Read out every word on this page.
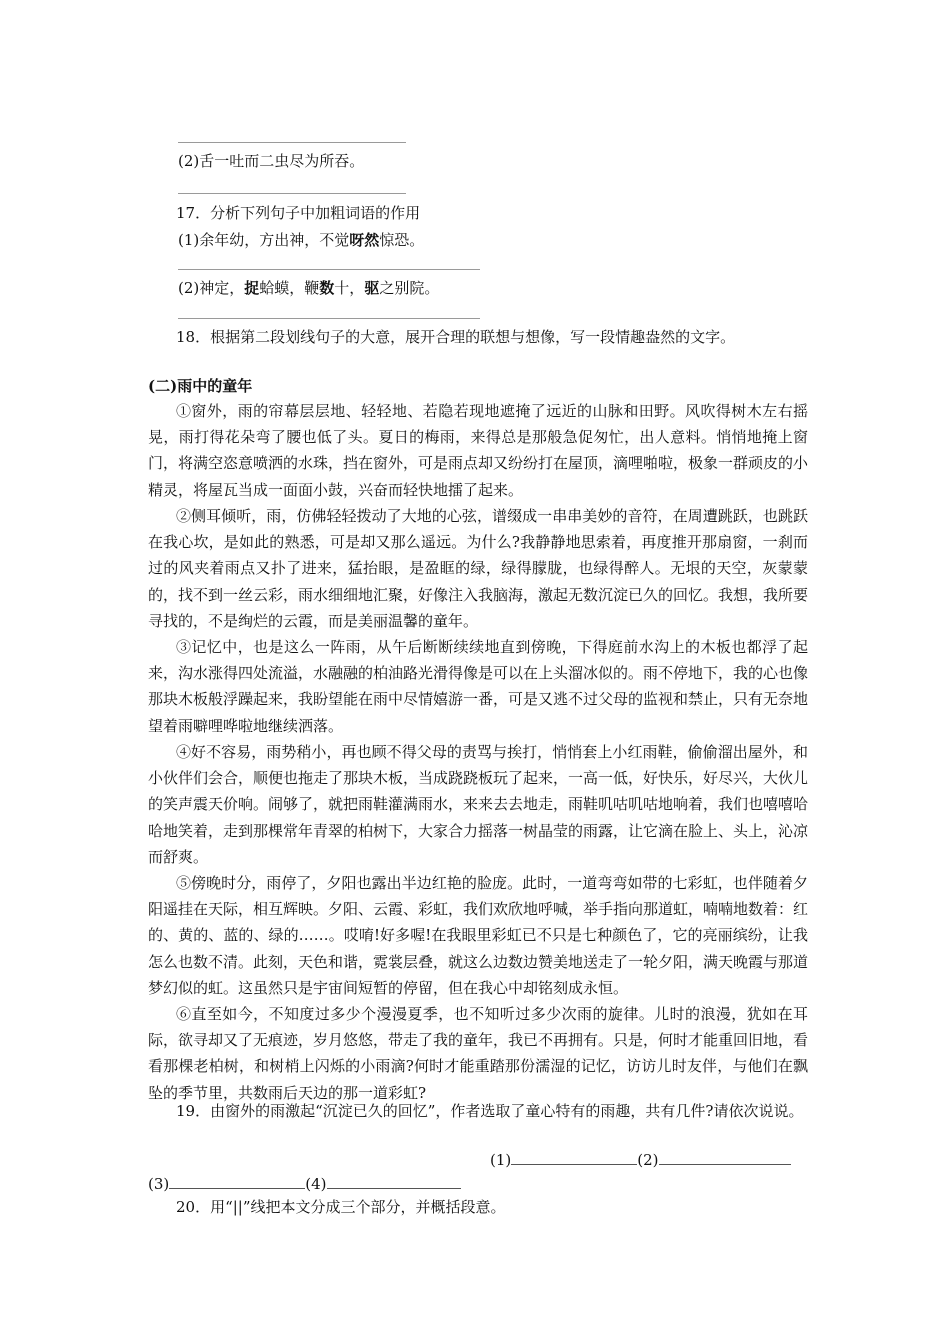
(2)舌一吐而二虫尽为所吞。
17．分析下列句子中加粗词语的作用
(1)余年幼，方出神，不觉呀然惊恐。
(2)神定，捉蛤蟆，鞭数十，驱之别院。
18．根据第二段划线句子的大意，展开合理的联想与想像，写一段情趣盎然的文字。
(二)雨中的童年
①窗外，雨的帘幕层层地、轻轻地、若隐若现地遮掩了远近的山脉和田野。风吹得树木左右摇晃，雨打得花朵弯了腰也低了头。夏日的梅雨，来得总是那般急促匆忙，出人意料。悄悄地掩上窗门，将满空恣意喷洒的水珠，挡在窗外，可是雨点却又纷纷打在屋顶，滴哩啪啦，极象一群顽皮的小精灵，将屋瓦当成一面面小鼓，兴奋而轻快地擂了起来。
②侧耳倾听，雨，仿佛轻轻拨动了大地的心弦，谱缀成一串串美妙的音符，在周遭跳跃，也跳跃在我心坎，是如此的熟悉，可是却又那么遥远。为什么?我静静地思索着，再度推开那扇窗，一刹而过的风夹着雨点又扑了进来，猛抬眼，是盈眶的绿，绿得朦胧，也绿得醉人。无垠的天空，灰蒙蒙的，找不到一丝云彩，雨水细细地汇聚，好像注入我脑海，激起无数沉淀已久的回忆。我想，我所要寻找的，不是绚烂的云霞，而是美丽温馨的童年。
③记忆中，也是这么一阵雨，从午后断断续续地直到傍晚，下得庭前水沟上的木板也都浮了起来，沟水涨得四处流溢，水融融的柏油路光滑得像是可以在上头溜冰似的。雨不停地下，我的心也像那块木板般浮躁起来，我盼望能在雨中尽情嬉游一番，可是又逃不过父母的监视和禁止，只有无奈地望着雨噼哩哗啦地继续洒落。
④好不容易，雨势稍小，再也顾不得父母的责骂与挨打，悄悄套上小红雨鞋，偷偷溜出屋外，和小伙伴们会合，顺便也拖走了那块木板，当成跷跷板玩了起来，一高一低，好快乐，好尽兴，大伙儿的笑声震天价响。闹够了，就把雨鞋灌满雨水，来来去去地走，雨鞋叽咕叽咕地响着，我们也嘻嘻哈哈地笑着，走到那棵常年青翠的柏树下，大家合力摇落一树晶莹的雨露，让它滴在脸上、头上，沁凉而舒爽。
⑤傍晚时分，雨停了，夕阳也露出半边红艳的脸庞。此时，一道弯弯如带的七彩虹，也伴随着夕阳遥挂在天际，相互辉映。夕阳、云霞、彩虹，我们欢欣地呼喊，举手指向那道虹，喃喃地数着：红的、黄的、蓝的、绿的……。哎唷!好多喔!在我眼里彩虹已不只是七种颜色了，它的亮丽缤纷，让我怎么也数不清。此刻，天色和谐，霓裳层叠，就这么边数边赞美地送走了一轮夕阳，满天晚霞与那道梦幻似的虹。这虽然只是宇宙间短暂的停留，但在我心中却铭刻成永恒。
⑥直至如今，不知度过多少个漫漫夏季，也不知听过多少次雨的旋律。儿时的浪漫，犹如在耳际，欲寻却又了无痕迹，岁月悠悠，带走了我的童年，我已不再拥有。只是，何时才能重回旧地，看看那棵老柏树，和树梢上闪烁的小雨滴?何时才能重踏那份濡湿的记忆，访访儿时友伴，与他们在飘坠的季节里，共数雨后天边的那一道彩虹?
19．由窗外的雨激起“沉淀已久的回忆”，作者选取了童心特有的雨趣，共有几件?请依次说说。
(1)	(2)
(3)	(4)
20．用“||”线把本文分成三个部分，并概括段意。
